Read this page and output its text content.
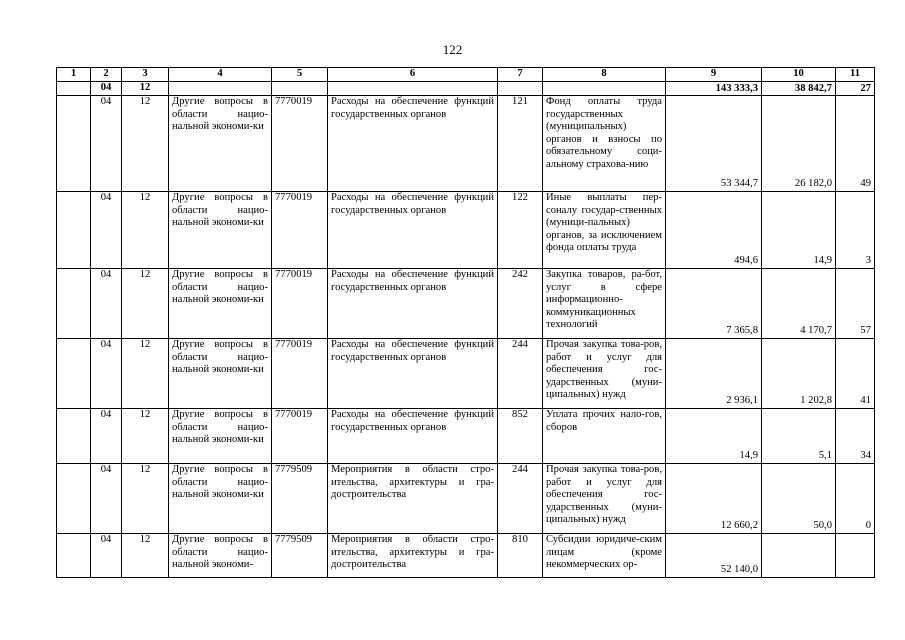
122
1	2	3	4	5	6	7	8	9	10	11
	04	12						143 333,3	38 842,7	27
	04	12	Другие вопросы в области нацио-нальной экономи-ки	7770019	Расходы на обеспечение функций государственных органов	121	Фонд оплаты труда государственных (муниципальных) органов и взносы по обязательному соци-альному страхова-нию	53 344,7	26 182,0	49
	04	12	Другие вопросы в области нацио-нальной экономи-ки	7770019	Расходы на обеспечение функций государственных органов	122	Иные выплаты пер-соналу государ-ственных (муници-пальных) органов, за исключением фонда оплаты труда	494,6	14,9	3
	04	12	Другие вопросы в области нацио-нальной экономи-ки	7770019	Расходы на обеспечение функций государственных органов	242	Закупка товаров, ра-бот, услуг в сфере информационно-коммуникационных технологий	7 365,8	4 170,7	57
	04	12	Другие вопросы в области нацио-нальной экономи-ки	7770019	Расходы на обеспечение функций государственных органов	244	Прочая закупка това-ров, работ и услуг для обеспечения гос-ударственных (муни-ципальных) нужд	2 936,1	1 202,8	41
	04	12	Другие вопросы в области нацио-нальной экономи-ки	7770019	Расходы на обеспечение функций государственных органов	852	Уплата прочих нало-гов, сборов	14,9	5,1	34
	04	12	Другие вопросы в области нацио-нальной экономи-ки	7779509	Мероприятия в области стро-ительства, архитектуры и гра-достроительства	244	Прочая закупка това-ров, работ и услуг для обеспечения гос-ударственных (муни-ципальных) нужд	12 660,2	50,0	0
	04	12	Другие вопросы в области нацио-нальной экономи-	7779509	Мероприятия в области стро-ительства, архитектуры и гра-достроительства	810	Субсидии юридиче-ским лицам (кроме некоммерческих ор-	52 140,0		
